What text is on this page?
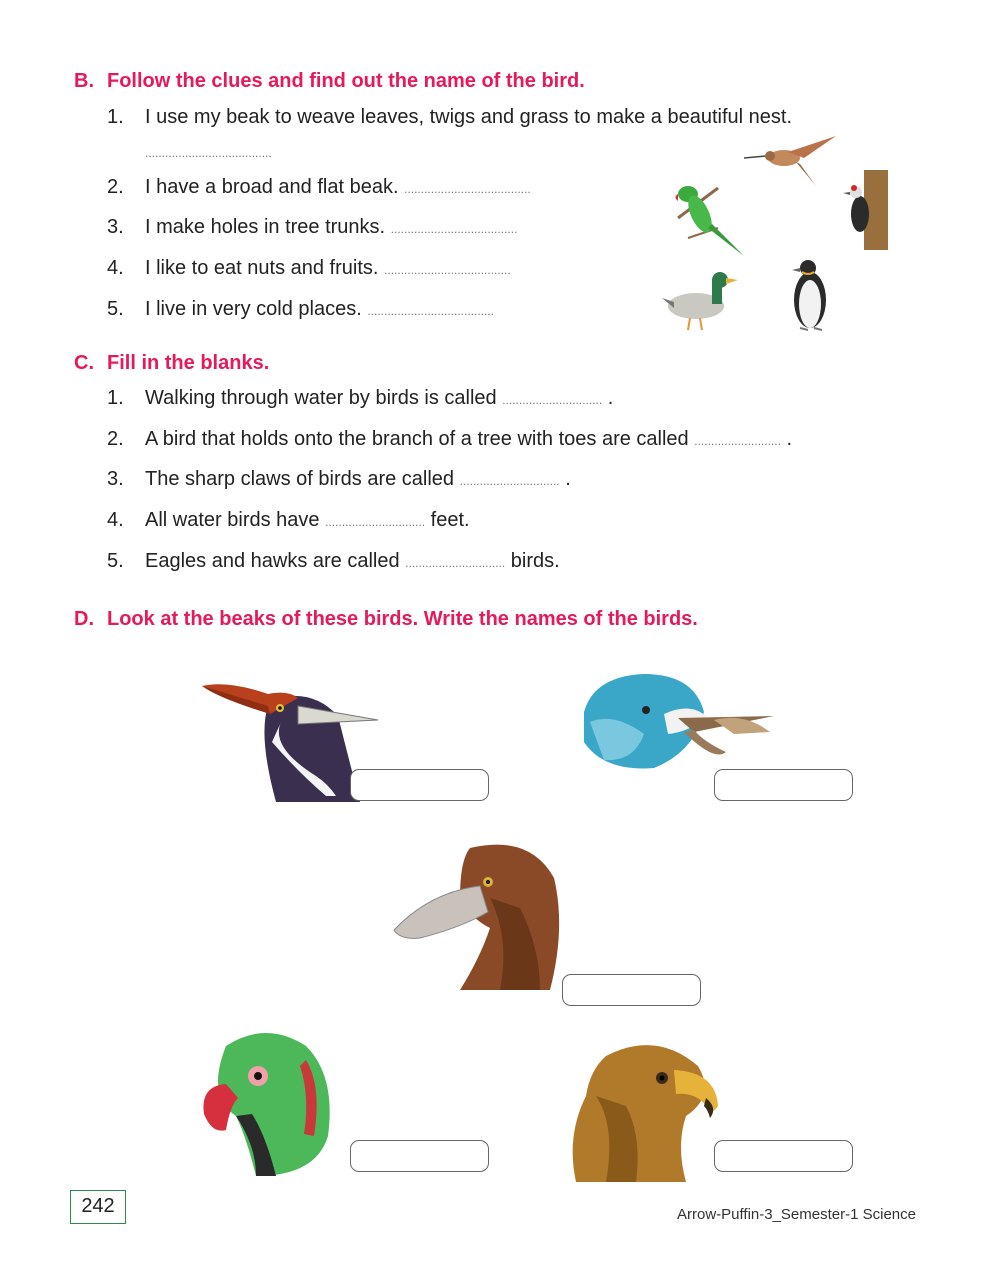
B. Follow the clues and find out the name of the bird.
1. I use my beak to weave leaves, twigs and grass to make a beautiful nest.
......................................
2. I have a broad and flat beak. ......................................
3. I make holes in tree trunks. ......................................
4. I like to eat nuts and fruits. ......................................
5. I live in very cold places. ......................................
C. Fill in the blanks.
1. Walking through water by birds is called .............................. .
2. A bird that holds onto the branch of a tree with toes are called .......................... .
3. The sharp claws of birds are called .............................. .
4. All water birds have .............................. feet.
5. Eagles and hawks are called .............................. birds.
D. Look at the beaks of these birds. Write the names of the birds.
242	Arrow-Puffin-3_Semester-1 Science
